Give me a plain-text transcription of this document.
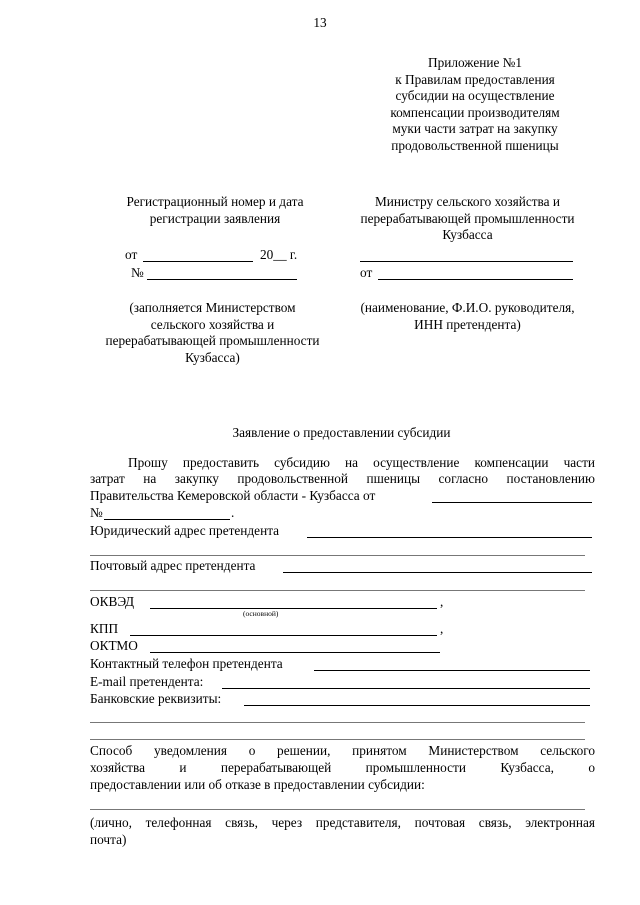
13
Приложение №1
к Правилам предоставления
субсидии на осуществление
компенсации производителям
муки части затрат на закупку
продовольственной пшеницы
Регистрационный номер и дата
регистрации заявления
от	20__ г.
№
(заполняется Министерством
сельского хозяйства и
перерабатывающей промышленности
Кузбасса)
Министру сельского хозяйства и
перерабатывающей промышленности
Кузбасса
от
(наименование, Ф.И.О. руководителя,
ИНН претендента)
Заявление о предоставлении субсидии
Прошу предоставить субсидию на осуществление компенсации части
затрат на закупку продовольственной пшеницы согласно постановлению
Правительства Кемеровской области - Кузбасса от
№	.
Юридический адрес претендента
Почтовый адрес претендента
ОКВЭД	,
(основной)
КПП	,
ОКТМО
Контактный телефон претендента
E-mail претендента:
Банковские реквизиты:
Способ уведомления о решении, принятом Министерством сельского
хозяйства и перерабатывающей промышленности Кузбасса, о
предоставлении или об отказе в предоставлении субсидии:
(лично, телефонная связь, через представителя, почтовая связь, электронная
почта)
